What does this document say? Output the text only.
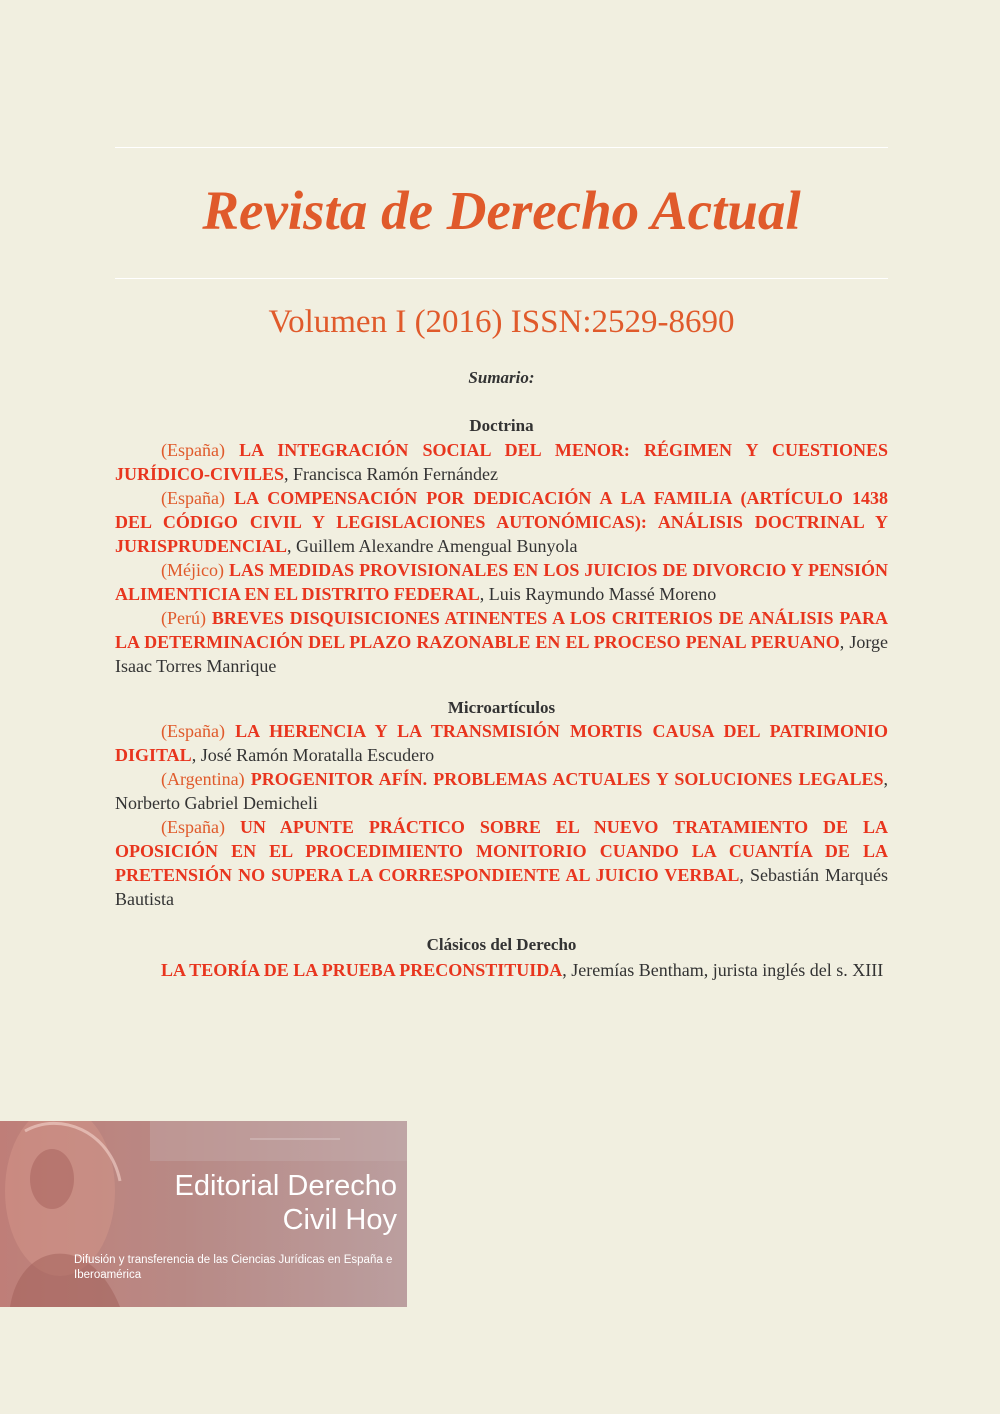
Revista de Derecho Actual
Volumen I (2016) ISSN:2529-8690
Sumario:
Doctrina

(España) LA INTEGRACIÓN SOCIAL DEL MENOR: RÉGIMEN Y CUESTIONES JURÍDICO-CIVILES, Francisca Ramón Fernández

(España) LA COMPENSACIÓN POR DEDICACIÓN A LA FAMILIA (ARTÍCULO 1438 DEL CÓDIGO CIVIL Y LEGISLACIONES AUTONÓMICAS): ANÁLISIS DOCTRINAL Y JURISPRUDENCIAL, Guillem Alexandre Amengual Bunyola

(Méjico) LAS MEDIDAS PROVISIONALES EN LOS JUICIOS DE DIVORCIO Y PENSIÓN ALIMENTICIA EN EL DISTRITO FEDERAL, Luis Raymundo Massé Moreno

(Perú) BREVES DISQUISICIONES ATINENTES A LOS CRITERIOS DE ANÁLISIS PARA LA DETERMINACIÓN DEL PLAZO RAZONABLE EN EL PROCESO PENAL PERUANO, Jorge Isaac Torres Manrique

Microartículos

(España) LA HERENCIA Y LA TRANSMISIÓN MORTIS CAUSA DEL PATRIMONIO DIGITAL, José Ramón Moratalla Escudero

(Argentina) PROGENITOR AFÍN. PROBLEMAS ACTUALES Y SOLUCIONES LEGALES, Norberto Gabriel Demicheli

(España) UN APUNTE PRÁCTICO SOBRE EL NUEVO TRATAMIENTO DE LA OPOSICIÓN EN EL PROCEDIMIENTO MONITORIO CUANDO LA CUANTÍA DE LA PRETENSIÓN NO SUPERA LA CORRESPONDIENTE AL JUICIO VERBAL, Sebastián Marqués Bautista

Clásicos del Derecho

LA TEORÍA DE LA PRUEBA PRECONSTITUIDA, Jeremías Bentham, jurista inglés del s. XIII

Editorial Derecho
Civil Hoy
Difusión y transferencia de las Ciencias Jurídicas en España e Iberoamérica
